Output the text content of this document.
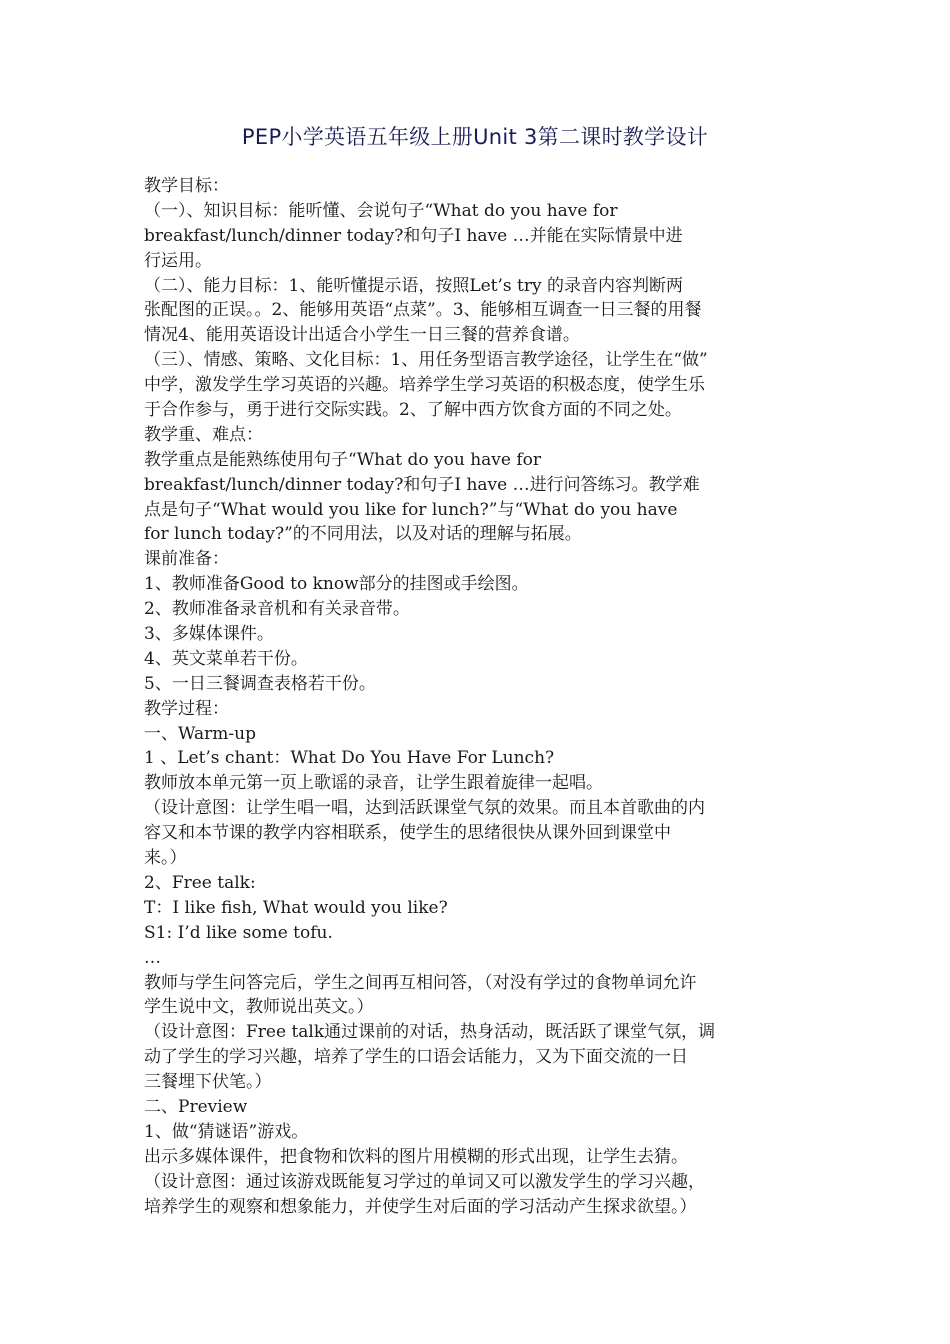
PEP小学英语五年级上册Unit 3第二课时教学设计
教学目标：
（一）、知识目标：能听懂、会说句子“What do you have for
breakfast/lunch/dinner today?和句子I have …并能在实际情景中进
行运用。
（二）、能力目标：1、能听懂提示语，按照Let’s try 的录音内容判断两
张配图的正误。。2、能够用英语“点菜”。3、能够相互调查一日三餐的用餐
情况4、能用英语设计出适合小学生一日三餐的营养食谱。
（三）、情感、策略、文化目标：1、用任务型语言教学途径，让学生在“做”
中学，激发学生学习英语的兴趣。培养学生学习英语的积极态度，使学生乐
于合作参与，勇于进行交际实践。2、了解中西方饮食方面的不同之处。
教学重、难点：
教学重点是能熟练使用句子“What do you have for
breakfast/lunch/dinner today?和句子I have …进行问答练习。教学难
点是句子“What would you like for lunch?”与“What do you have
for lunch today?”的不同用法，以及对话的理解与拓展。
课前准备：
1、教师准备Good to know部分的挂图或手绘图。
2、教师准备录音机和有关录音带。
3、多媒体课件。
4、英文菜单若干份。
5、一日三餐调查表格若干份。
教学过程：
一、Warm-up
1 、Let’s chant：What Do You Have For Lunch?
教师放本单元第一页上歌谣的录音，让学生跟着旋律一起唱。
（设计意图：让学生唱一唱，达到活跃课堂气氛的效果。而且本首歌曲的内
容又和本节课的教学内容相联系，使学生的思绪很快从课外回到课堂中
来。）
2、Free talk:
T：I like fish, What would you like?
S1: I’d like some tofu.
…
教师与学生问答完后，学生之间再互相问答，（对没有学过的食物单词允许
学生说中文，教师说出英文。）
（设计意图：Free talk通过课前的对话，热身活动，既活跃了课堂气氛，调
动了学生的学习兴趣，培养了学生的口语会话能力，又为下面交流的一日
三餐埋下伏笔。）
二、Preview
1、做“猜谜语”游戏。
出示多媒体课件，把食物和饮料的图片用模糊的形式出现，让学生去猜。
（设计意图：通过该游戏既能复习学过的单词又可以激发学生的学习兴趣，
培养学生的观察和想象能力，并使学生对后面的学习活动产生探求欲望。）
